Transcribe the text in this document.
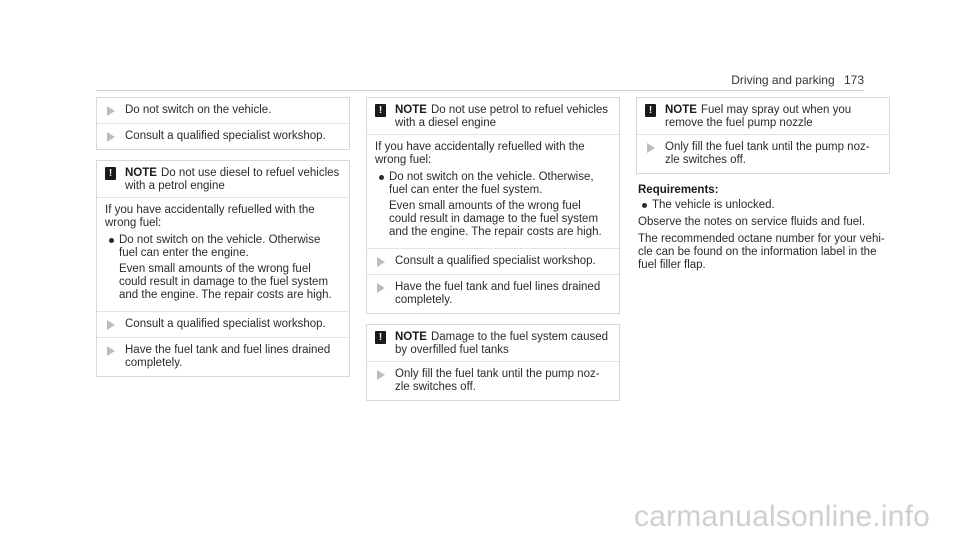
Driving and parking 173
Do not switch on the vehicle.
Consult a qualified specialist workshop.
!	NOTE Do not use diesel to refuel vehicles with a petrol engine

If you have accidentally refuelled with the wrong fuel:

Do not switch on the vehicle. Otherwise fuel can enter the engine.
Even small amounts of the wrong fuel could result in damage to the fuel system and the engine. The repair costs are high.
Consult a qualified specialist workshop.
Have the fuel tank and fuel lines drained completely.
!	NOTE Do not use petrol to refuel vehicles with a diesel engine

If you have accidentally refuelled with the wrong fuel:

Do not switch on the vehicle. Otherwise, fuel can enter the fuel system.
Even small amounts of the wrong fuel could result in damage to the fuel system and the engine. The repair costs are high.
Consult a qualified specialist workshop.
Have the fuel tank and fuel lines drained completely.
!	NOTE Damage to the fuel system caused by overfilled fuel tanks
Only fill the fuel tank until the pump noz-zle switches off.
!	NOTE Fuel may spray out when you remove the fuel pump nozzle
Only fill the fuel tank until the pump noz-zle switches off.
Requirements:
The vehicle is unlocked.

Observe the notes on service fluids and fuel.

The recommended octane number for your vehi-cle can be found on the information label in the fuel filler flap.

carmanualsonline.info
